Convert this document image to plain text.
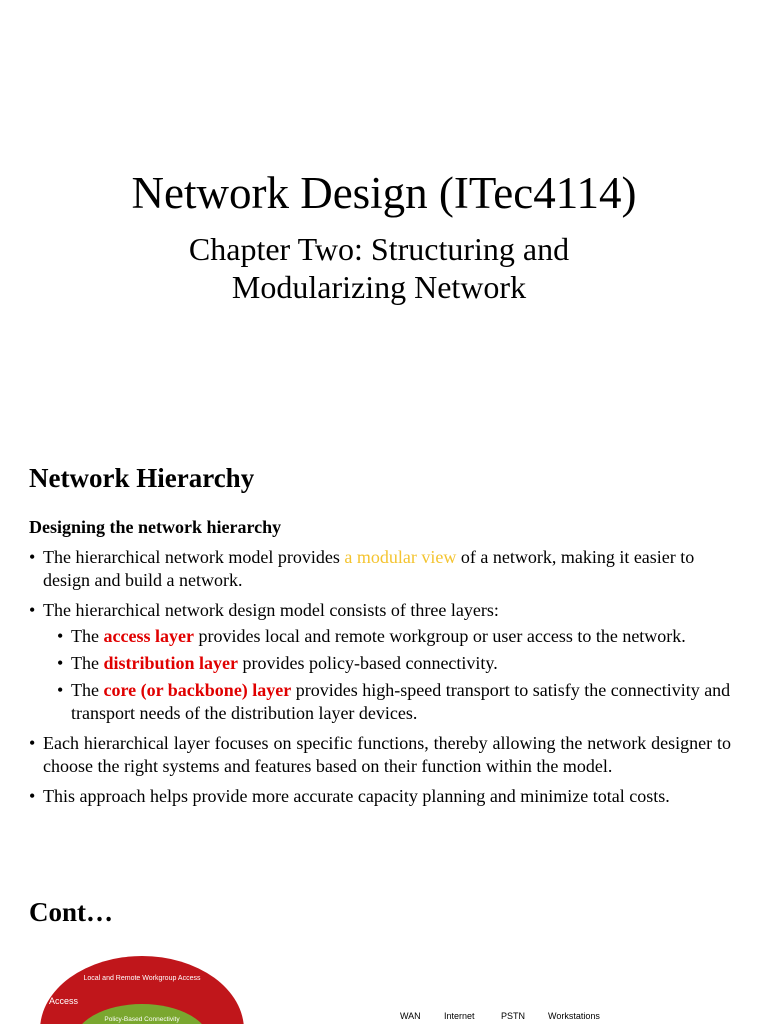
Network Design (ITec4114)
Chapter Two: Structuring and
Modularizing Network
Network Hierarchy
Designing the network hierarchy
• The hierarchical network model provides a modular view of a network, making it easier to design and build a network.
• The hierarchical network design model consists of three layers:
• The access layer provides local and remote workgroup or user access to the network.
• The distribution layer provides policy-based connectivity.
• The core (or backbone) layer provides high-speed transport to satisfy the connectivity and transport needs of the distribution layer devices.
• Each hierarchical layer focuses on specific functions, thereby allowing the network designer to choose the right systems and features based on their function within the model.
• This approach helps provide more accurate capacity planning and minimize total costs.
Cont…
Local and Remote Workgroup Access
Access
Policy-Based Connectivity	WAN	Internet	PSTN	Workstations
